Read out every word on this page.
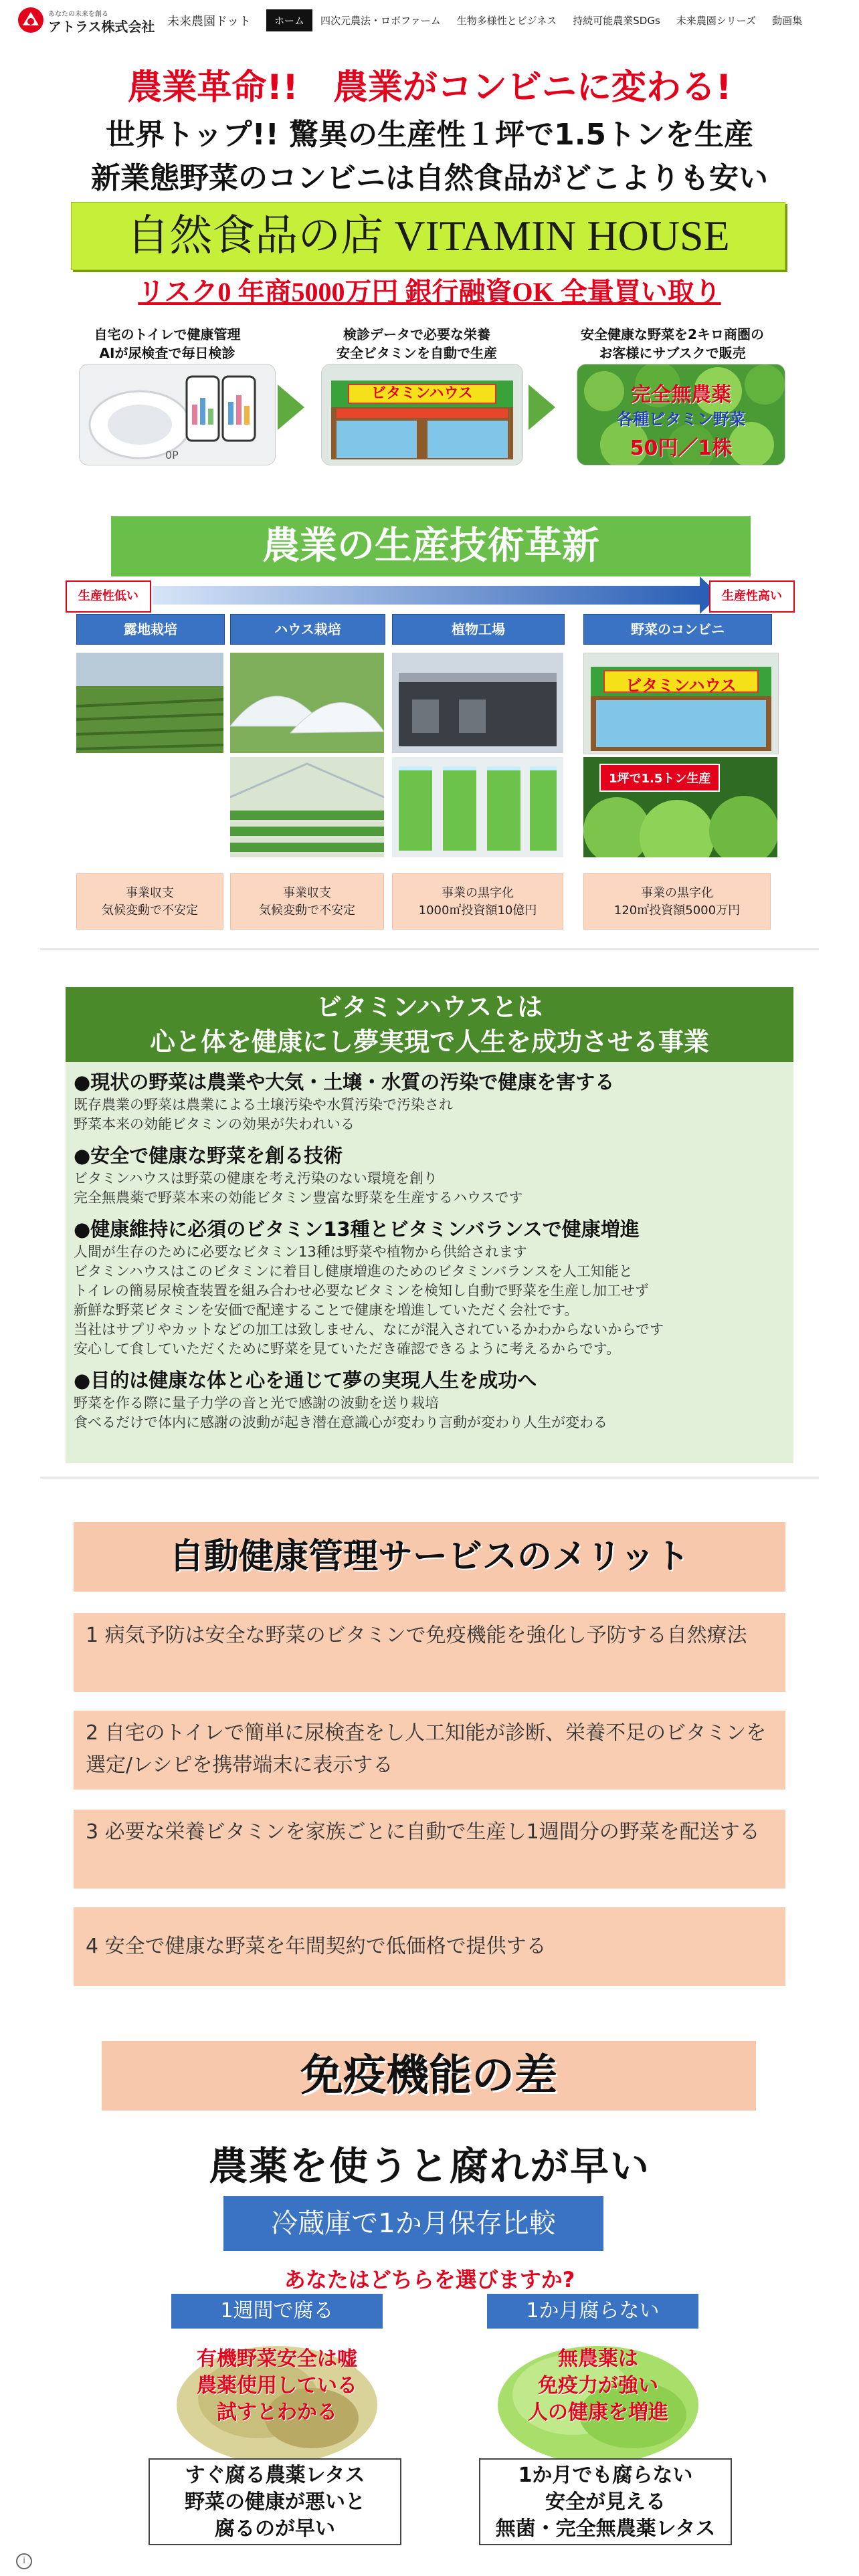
あなたの未来を創る
アトラス株式会社 未来農園ドット	ホーム	四次元農法・ロボファーム	生物多様性とビジネス	持続可能農業SDGs	未来農園シリーズ	動画集
農業革命!!　農業がコンビニに変わる!
世界トップ!! 驚異の生産性１坪で1.5トンを生産
新業態野菜のコンビニは自然食品がどこよりも安い
自然食品の店 VITAMIN HOUSE
リスク0 年商5000万円 銀行融資OK 全量買い取り
自宅のトイレで健康管理
AIが尿検査で毎日検診
検診データで必要な栄養
安全ビタミンを自動で生産
安全健康な野菜を2キロ商圏の
お客様にサブスクで販売
0P
ビタミンハウス	完全無農薬
各種ビタミン野菜
50円／1株
農業の生産技術革新
生産性低い	生産性高い
露地栽培	ハウス栽培	植物工場	野菜のコンビニ
ビタミンハウス
1坪で1.5トン生産
事業収支
気候変動で不安定
事業収支
気候変動で不安定
事業の黒字化
1000㎡投資額10億円
事業の黒字化
120㎡投資額5000万円
ビタミンハウスとは
心と体を健康にし夢実現で人生を成功させる事業
●現状の野菜は農業や大気・土壌・水質の汚染で健康を害する
既存農業の野菜は農業による土壌汚染や水質汚染で汚染され
野菜本来の効能ビタミンの効果が失われいる
●安全で健康な野菜を創る技術
ビタミンハウスは野菜の健康を考え汚染のない環境を創り
完全無農薬で野菜本来の効能ビタミン豊富な野菜を生産するハウスです
●健康維持に必須のビタミン13種とビタミンバランスで健康増進
人間が生存のために必要なビタミン13種は野菜や植物から供給されます
ビタミンハウスはこのビタミンに着目し健康増進のためのビタミンバランスを人工知能と
トイレの簡易尿検査装置を組み合わせ必要なビタミンを検知し自動で野菜を生産し加工せず
新鮮な野菜ビタミンを安価で配達することで健康を増進していただく会社です。
当社はサプリやカットなどの加工は致しません、なにが混入されているかわからないからです
安心して食していただくために野菜を見ていただき確認できるように考えるからです。
●目的は健康な体と心を通じて夢の実現人生を成功へ
野菜を作る際に量子力学の音と光で感謝の波動を送り栽培
食べるだけで体内に感謝の波動が起き潜在意識心が変わり言動が変わり人生が変わる
自動健康管理サービスのメリット
1 病気予防は安全な野菜のビタミンで免疫機能を強化し予防する自然療法
2 自宅のトイレで簡単に尿検査をし人工知能が診断、栄養不足のビタミンを選定/レシピを携帯端末に表示する
3 必要な栄養ビタミンを家族ごとに自動で生産し1週間分の野菜を配送する
4 安全で健康な野菜を年間契約で低価格で提供する
免疫機能の差
農薬を使うと腐れが早い
冷蔵庫で1か月保存比較
あなたはどちらを選びますか?
1週間で腐る	1か月腐らない
有機野菜安全は嘘
農薬使用している
試すとわかる
無農薬は
免疫力が強い
人の健康を増進
すぐ腐る農薬レタス
野菜の健康が悪いと
腐るのが早い
1か月でも腐らない
安全が見える
無菌・完全無農薬レタス
i
